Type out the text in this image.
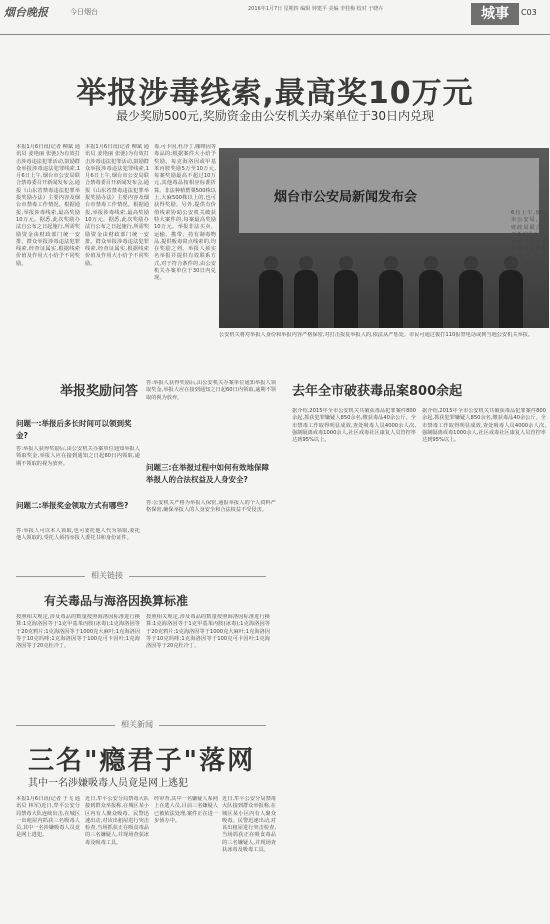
烟台晚报	今日烟台	2016年1月7日 星期四 编辑 钟建平 美编 李桂梅 校对 于晓卉	城事	C03
举报涉毒线索,最高奖10万元
最少奖励500元,奖励资金由公安机关办案单位于30日内兑现
本报1月6日讯(记者 柳斌 通讯员 姜艳丽 张弛)为有效打击涉毒违法犯罪活动,鼓励群众举报涉毒违法犯罪线索,1月6日上午,烟台市公安局联合禁毒委召开新闻发布会,通报《山东省禁毒违法犯罪举报奖励办法》主要内容及烟台市禁毒工作情况。根据通报,举报涉毒线索,最高奖励10万元。据悉,此次奖励办法自公布之日起施行,所需奖励资金由财政部门统一安排。群众举报涉毒违法犯罪线索,经查证属实,根据线索价值及作用大小给予不同奖励。
本报1月6日讯(记者 柳斌 通讯员 姜艳丽 张弛)为有效打击涉毒违法犯罪活动,鼓励群众举报涉毒违法犯罪线索,1月6日上午,烟台市公安局联合禁毒委召开新闻发布会,通报《山东省禁毒违法犯罪举报奖励办法》主要内容及烟台市禁毒工作情况。根据通报,举报涉毒线索,最高奖励10万元。据悉,此次奖励办法自公布之日起施行,所需奖励资金由财政部门统一安排。群众举报涉毒违法犯罪线索,经查证属实,根据线索价值及作用大小给予不同奖励。
毒,可卡因,杜冷丁,咖啡因等毒品的;根据案件大小给予奖励。每克海洛因或甲基苯丙胺奖励5万至10万元,每案奖励最高不超过10万元,其他毒品按相应标准折算。非法种植罂粟500株以上,大麻500株以上的,也可获得奖励。另外,提供有价值线索协助公安机关破获特大案件的,每案最高奖励10万元。举报非法买卖、运输、携带、持有制毒物品,提供贩毒窝点线索的,均在奖励之列。举报人须实名举报并提供有效联系方式,对于符合条件的,由公安机关办案单位于30日内兑现。
烟台市公安局新闻发布会
6日上午,烟台市公安局、市财政局联合召开新闻发布会,通报《山东省禁毒违法犯罪举报奖励办法》。警方供图
公安机关将对举报人身份和举报内容严格保密,对打击报复举报人的,依法从严惩处。市民可通过拨打110报警电话或到当地公安机关举报。
举报奖励问答
问题一:举报后多长时间可以领到奖金?
答:举报人获得奖励后,由公安机关办案单位通知举报人领取奖金,举报人应在接到通知之日起60日内领取,逾期不领取的视为放弃。
问题二:举报奖金领取方式有哪些?
答:举报人可以本人领取,也可委托他人代为领取,委托他人领取的,受托人须持举报人委托书和身份证件。
答:举报人获得奖励后,由公安机关办案单位通知举报人领取奖金,举报人应在接到通知之日起60日内领取,逾期不领取的视为放弃。
问题三:在举报过程中如何有效地保障举报人的合法权益及人身安全?
答:公安机关严格为举报人保密,通报举报人的个人资料严格保密,确保举报人的人身安全和合法权益不受侵害。
去年全市破获毒品案800余起
据介绍,2015年全市公安机关共破获毒品犯罪案件800余起,抓获犯罪嫌疑人850余名,缴获毒品40余公斤。全市禁毒工作取得明显成效,查处吸毒人员4000余人次,强制隔离戒毒1000余人,社区戒毒社区康复人员管控率达到95%以上。
据介绍,2015年全市公安机关共破获毒品犯罪案件800余起,抓获犯罪嫌疑人850余名,缴获毒品40余公斤。全市禁毒工作取得明显成效,查处吸毒人员4000余人次,强制隔离戒毒1000余人,社区戒毒社区康复人员管控率达到95%以上。
相关链接
有关毒品与海洛因换算标准
按照相关规定,涉及毒品的数量按照海洛因标准进行换算:1克海洛因等于1克甲基苯丙胺(冰毒);1克海洛因等于20克鸦片;1克海洛因等于1000克大麻叶;1克海洛因等于10克吗啡;1克海洛因等于100克可卡因叶;1克海洛因等于20克杜冷丁。
按照相关规定,涉及毒品的数量按照海洛因标准进行换算:1克海洛因等于1克甲基苯丙胺(冰毒);1克海洛因等于20克鸦片;1克海洛因等于1000克大麻叶;1克海洛因等于10克吗啡;1克海洛因等于100克可卡因叶;1克海洛因等于20克杜冷丁。
相关新闻
三名"瘾君子"落网
其中一名涉嫌吸毒人员竟是网上逃犯
本报1月6日讯(记者 于飞 通讯员 林军)近日,牟平公安分局禁毒大队连续出击,在城区一出租屋内抓获三名吸毒人员,其中一名涉嫌吸毒人员竟是网上逃犯。
近日,牟平公安分局禁毒大队接到群众举报称,在城区某小区内有人聚众吸毒。民警迅速出动,对该出租屋进行突击检查,当场抓获正在吸食毒品的三名嫌疑人,并现场查获冰毒及吸毒工具。
经审查,其中一名嫌疑人系网上在逃人员,目前三名嫌疑人已被依法处理,案件正在进一步侦办中。
近日,牟平公安分局禁毒大队接到群众举报称,在城区某小区内有人聚众吸毒。民警迅速出动,对该出租屋进行突击检查,当场抓获正在吸食毒品的三名嫌疑人,并现场查获冰毒及吸毒工具。
